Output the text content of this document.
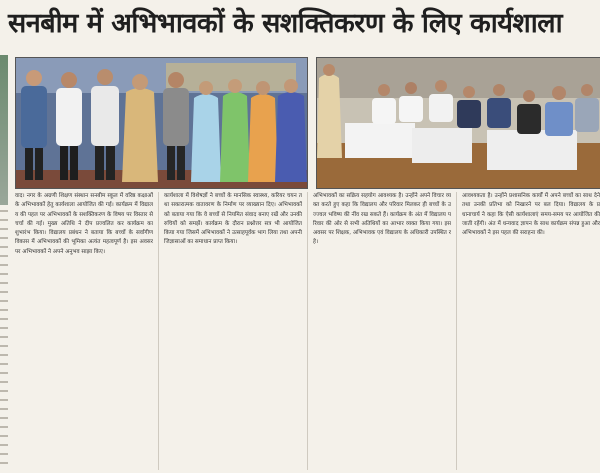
सनबीम में अभिभावकों के सशक्तिकरण के लिए कार्यशाला

वाद। नगर के अग्रणी शिक्षण संस्थान सनबीम स्कूल में वरिष्ठ कक्षाओं के अभिभावकों हेतु कार्यशाला आयोजित की गई। कार्यक्रम में विद्यालय की पहल पर अभिभावकों के सशक्तिकरण के विषय पर विस्तार से चर्चा की गई। मुख्य अतिथि ने दीप प्रज्वलित कर कार्यक्रम का शुभारंभ किया। विद्यालय प्रबंधन ने बताया कि बच्चों के सर्वांगीण विकास में अभिभावकों की भूमिका अत्यंत महत्वपूर्ण है। इस अवसर पर अभिभावकों ने अपने अनुभव साझा किए।

कार्यशाला में विशेषज्ञों ने बच्चों के मानसिक स्वास्थ्य, करियर चयन तथा सकारात्मक वातावरण के निर्माण पर व्याख्यान दिए। अभिभावकों को बताया गया कि वे बच्चों से नियमित संवाद बनाए रखें और उनकी रुचियों को समझें। कार्यक्रम के दौरान प्रश्नोत्तर सत्र भी आयोजित किया गया जिसमें अभिभावकों ने उत्साहपूर्वक भाग लिया तथा अपनी जिज्ञासाओं का समाधान प्राप्त किया।

अभिभावकों का सक्रिय सहयोग आवश्यक है। उन्होंने अपने विचार व्यक्त करते हुए कहा कि विद्यालय और परिवार मिलकर ही बच्चों के उज्ज्वल भविष्य की नींव रख सकते हैं। कार्यक्रम के अंत में विद्यालय परिवार की ओर से सभी अतिथियों का आभार व्यक्त किया गया। इस अवसर पर शिक्षक, अभिभावक एवं विद्यालय के अधिकारी उपस्थित रहे।

आवश्यकता है। उन्होंने प्रशासनिक कार्यों में अपने बच्चों का साथ देने तथा उनकी प्रतिभा को निखारने पर बल दिया। विद्यालय के प्रधानाचार्य ने कहा कि ऐसी कार्यशालाएं समय-समय पर आयोजित की जाती रहेंगी। अंत में धन्यवाद ज्ञापन के साथ कार्यक्रम संपन्न हुआ और अभिभावकों ने इस पहल की सराहना की।
